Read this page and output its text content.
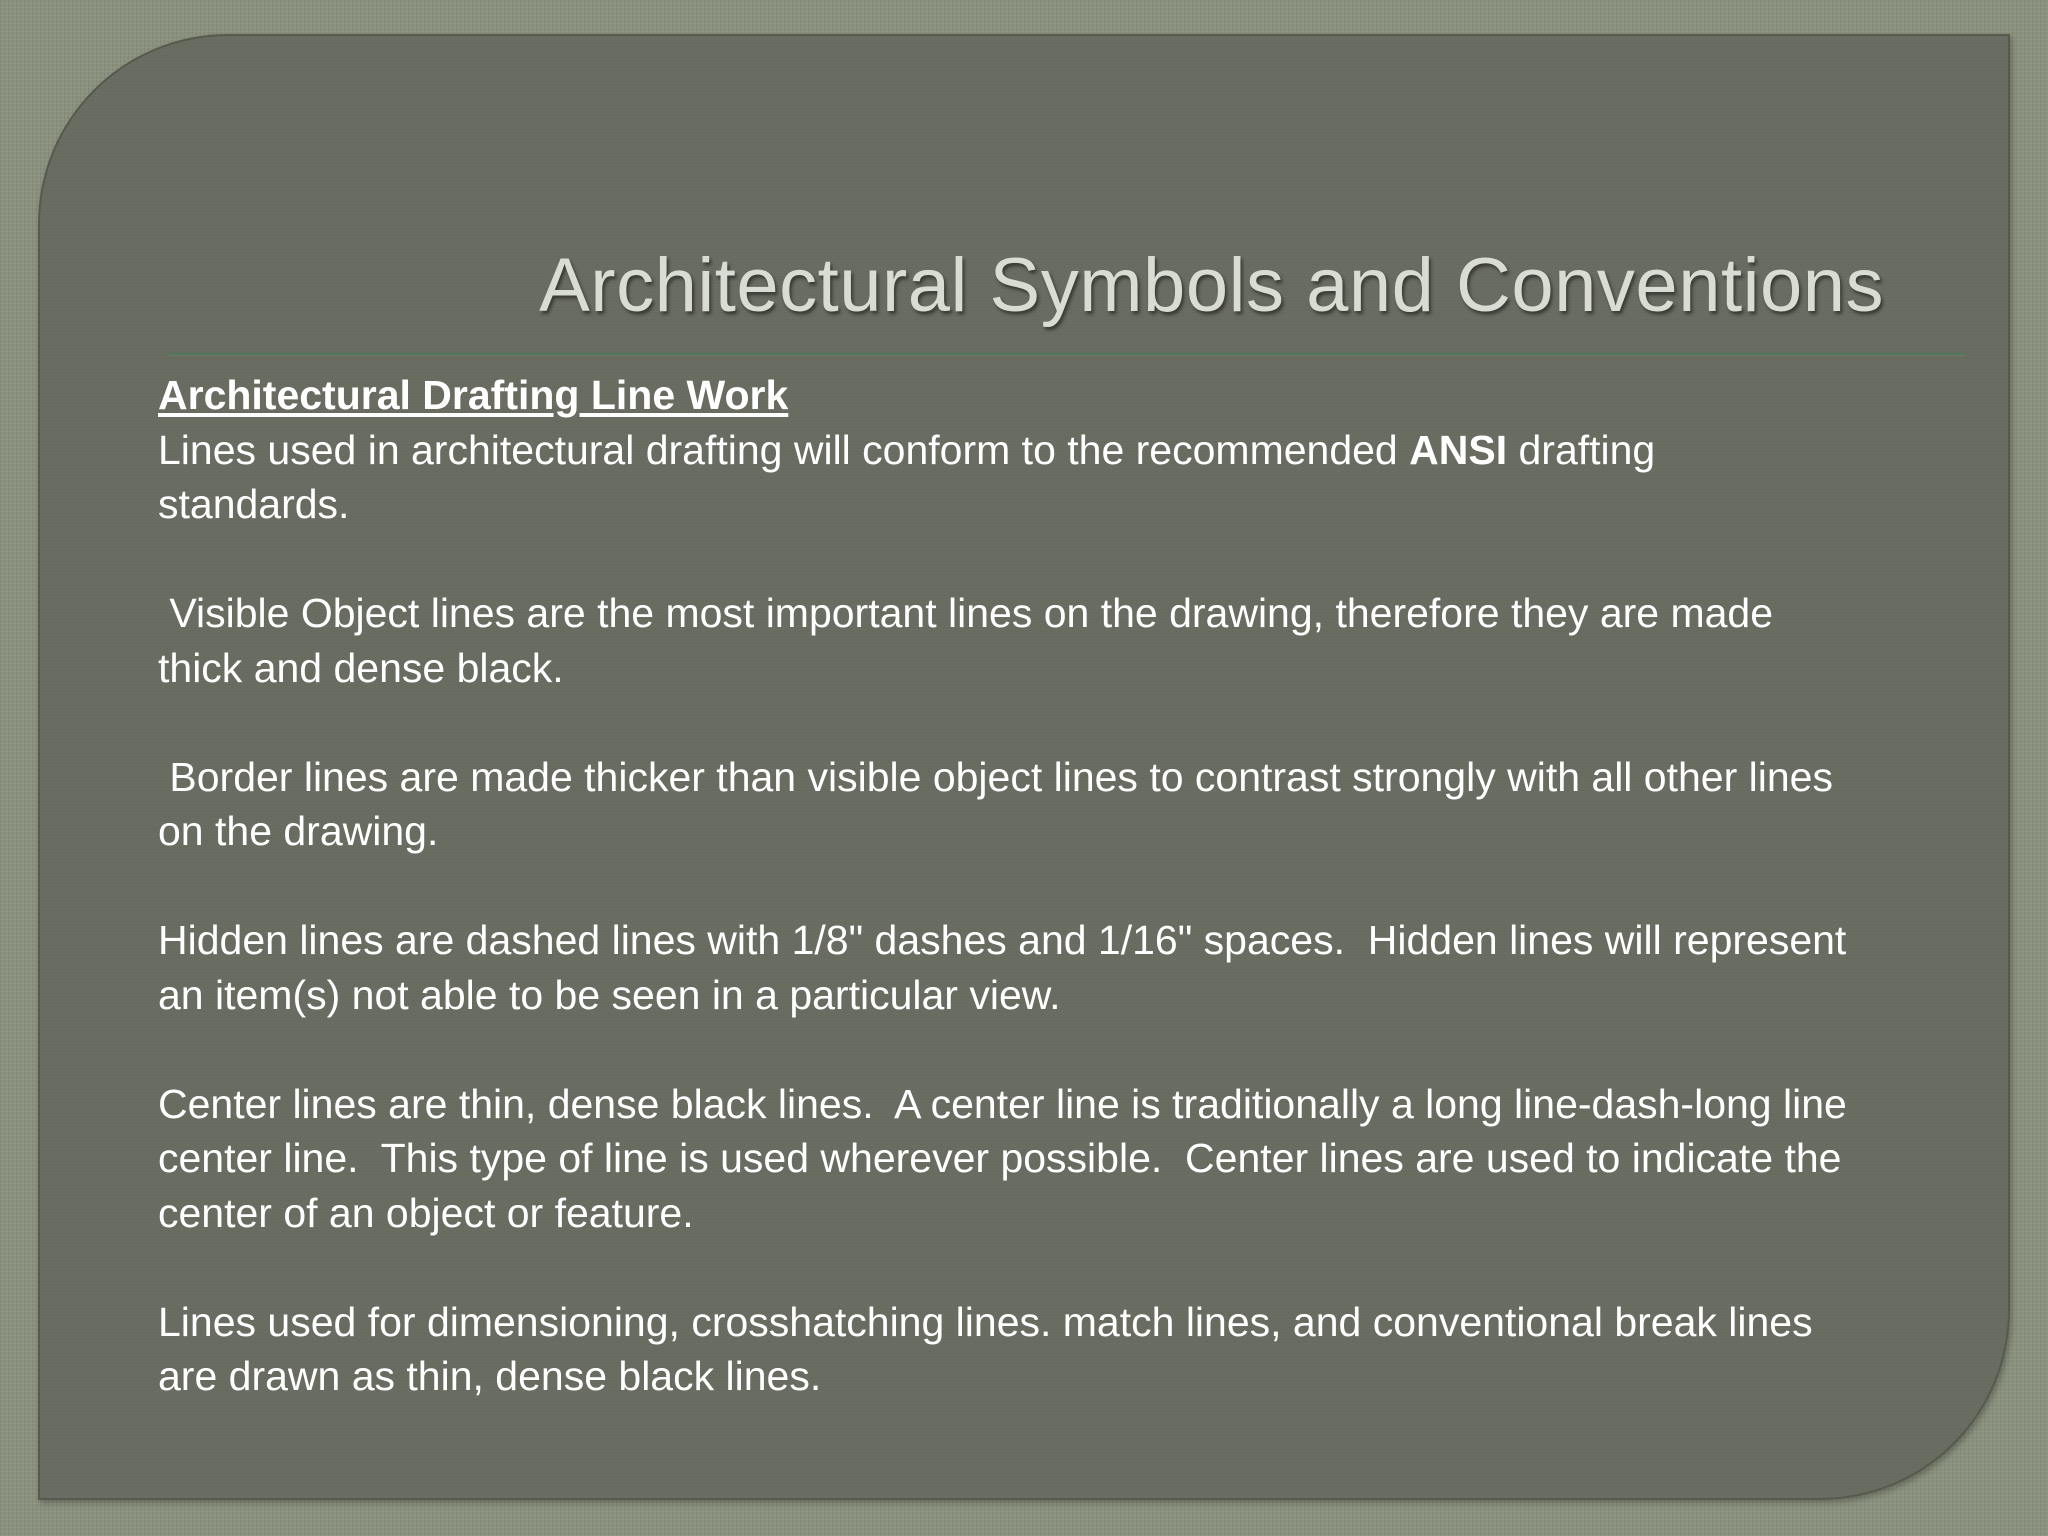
Architectural Symbols and Conventions

Architectural Drafting Line Work
Lines used in architectural drafting will conform to the recommended ANSI drafting standards.

Visible Object lines are the most important lines on the drawing, therefore they are made thick and dense black.

Border lines are made thicker than visible object lines to contrast strongly with all other lines on the drawing.

Hidden lines are dashed lines with 1/8" dashes and 1/16" spaces.  Hidden lines will represent an item(s) not able to be seen in a particular view.

Center lines are thin, dense black lines.  A center line is traditionally a long line-dash-long line center line.  This type of line is used wherever possible.  Center lines are used to indicate the center of an object or feature.

Lines used for dimensioning, crosshatching lines. match lines, and conventional break lines are drawn as thin, dense black lines.
